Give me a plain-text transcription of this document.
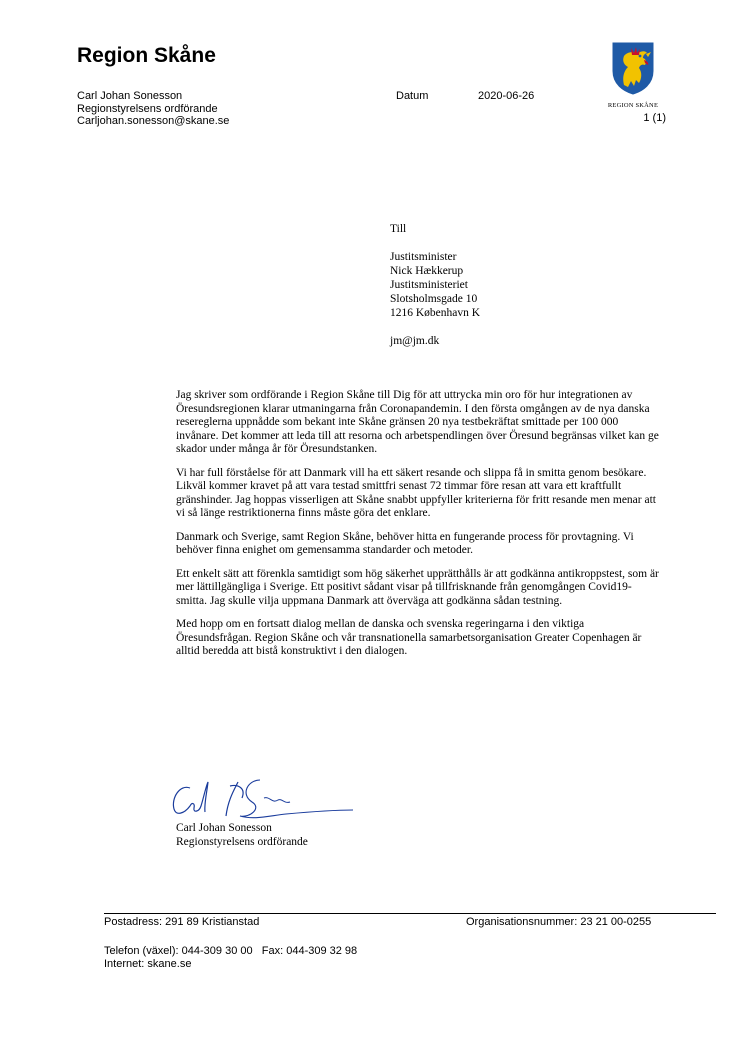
Region Skåne
Carl Johan Sonesson
Regionstyrelsens ordförande
Carljohan.sonesson@skane.se
Datum	2020-06-26
REGION SKÅNE
1 (1)
Till
Justitsminister
Nick Hækkerup
Justitsministeriet
Slotsholmsgade 10
1216 København K
jm@jm.dk

Jag skriver som ordförande i Region Skåne till Dig för att uttrycka min oro för hur integrationen av Öresundsregionen klarar utmaningarna från Coronapandemin. I den första omgången av de nya danska resereglerna uppnådde som bekant inte Skåne gränsen 20 nya testbekräftat smittade per 100 000 invånare. Det kommer att leda till att resorna och arbetspendlingen över Öresund begränsas vilket kan ge skador under många år för Öresundstanken.

Vi har full förståelse för att Danmark vill ha ett säkert resande och slippa få in smitta genom besökare. Likväl kommer kravet på att vara testad smittfri senast 72 timmar före resan att vara ett kraftfullt gränshinder. Jag hoppas visserligen att Skåne snabbt uppfyller kriterierna för fritt resande men menar att vi så länge restriktionerna finns måste göra det enklare.

Danmark och Sverige, samt Region Skåne, behöver hitta en fungerande process för provtagning. Vi behöver finna enighet om gemensamma standarder och metoder.

Ett enkelt sätt att förenkla samtidigt som hög säkerhet upprätthålls är att godkänna antikroppstest, som är mer lättillgängliga i Sverige. Ett positivt sådant visar på tillfrisknande från genomgången Covid19-smitta. Jag skulle vilja uppmana Danmark att överväga att godkänna sådan testning.

Med hopp om en fortsatt dialog mellan de danska och svenska regeringarna i den viktiga Öresundsfrågan. Region Skåne och vår transnationella samarbetsorganisation Greater Copenhagen är alltid beredda att bistå konstruktivt i den dialogen.

Carl Johan Sonesson
Regionstyrelsens ordförande
Postadress: 291 89 Kristianstad	Organisationsnummer: 23 21 00-0255
Telefon (växel): 044-309 30 00   Fax: 044-309 32 98
Internet: skane.se
